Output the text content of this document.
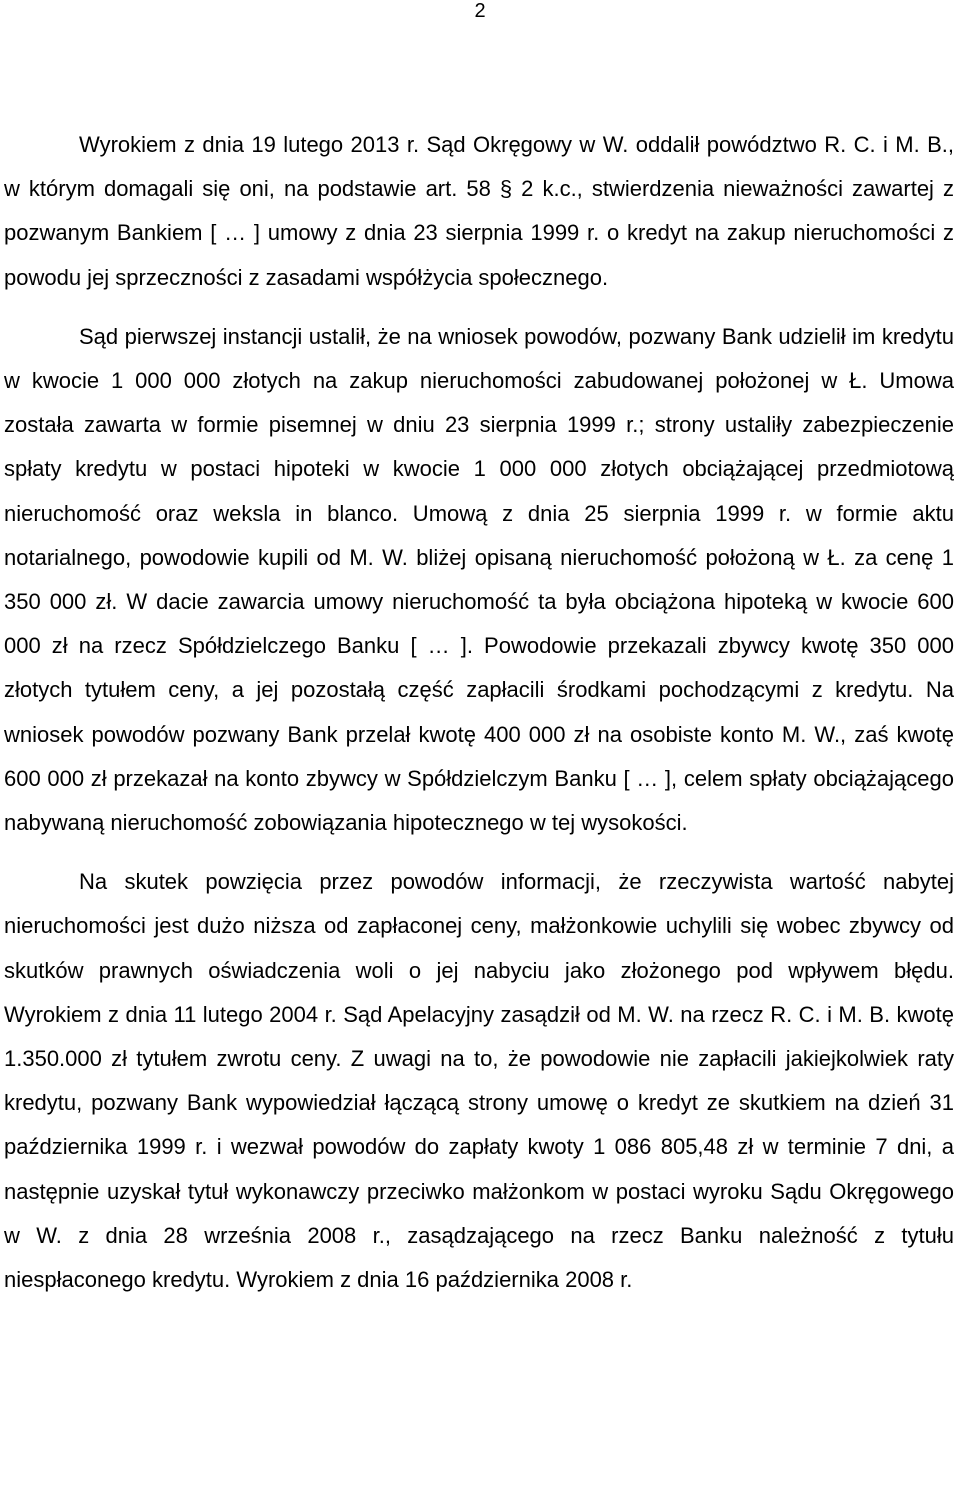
2

Wyrokiem z dnia 19 lutego 2013 r. Sąd Okręgowy w W. oddalił powództwo R. C. i M. B., w którym domagali się oni, na podstawie art. 58 § 2 k.c., stwierdzenia nieważności zawartej z pozwanym Bankiem [ … ] umowy z dnia 23 sierpnia 1999 r. o kredyt na zakup nieruchomości z powodu jej sprzeczności z zasadami współżycia społecznego.

Sąd pierwszej instancji ustalił, że na wniosek powodów, pozwany Bank udzielił im kredytu w kwocie 1 000 000 złotych na zakup nieruchomości zabudowanej położonej w Ł. Umowa została zawarta w formie pisemnej w dniu 23 sierpnia 1999 r.; strony ustaliły zabezpieczenie spłaty kredytu w postaci hipoteki w kwocie 1 000 000 złotych obciążającej przedmiotową nieruchomość oraz weksla in blanco. Umową z dnia 25 sierpnia 1999 r. w formie aktu notarialnego, powodowie kupili od M. W. bliżej opisaną nieruchomość położoną w Ł. za cenę 1 350 000 zł. W dacie zawarcia umowy nieruchomość ta była obciążona hipoteką w kwocie 600 000 zł na rzecz Spółdzielczego Banku [ … ]. Powodowie przekazali zbywcy kwotę 350 000 złotych tytułem ceny, a jej pozostałą część zapłacili środkami pochodzącymi z kredytu. Na wniosek powodów pozwany Bank przelał kwotę 400 000 zł na osobiste konto M. W., zaś kwotę 600 000 zł przekazał na konto zbywcy w Spółdzielczym Banku [ … ], celem spłaty obciążającego nabywaną nieruchomość zobowiązania hipotecznego w tej wysokości.

Na skutek powzięcia przez powodów informacji, że rzeczywista wartość nabytej nieruchomości jest dużo niższa od zapłaconej ceny, małżonkowie uchylili się wobec zbywcy od skutków prawnych oświadczenia woli o jej nabyciu jako złożonego pod wpływem błędu. Wyrokiem z dnia 11 lutego 2004 r. Sąd Apelacyjny zasądził od M. W. na rzecz R. C. i M. B. kwotę 1.350.000 zł tytułem zwrotu ceny. Z uwagi na to, że powodowie nie zapłacili jakiejkolwiek raty kredytu, pozwany Bank wypowiedział łączącą strony umowę o kredyt ze skutkiem na dzień 31 października 1999 r. i wezwał powodów do zapłaty kwoty 1 086 805,48 zł w terminie 7 dni, a następnie uzyskał tytuł wykonawczy przeciwko małżonkom w postaci wyroku Sądu Okręgowego w W. z dnia 28 września 2008 r., zasądzającego na rzecz Banku należność z tytułu niespłaconego kredytu. Wyrokiem z dnia 16 października 2008 r.
